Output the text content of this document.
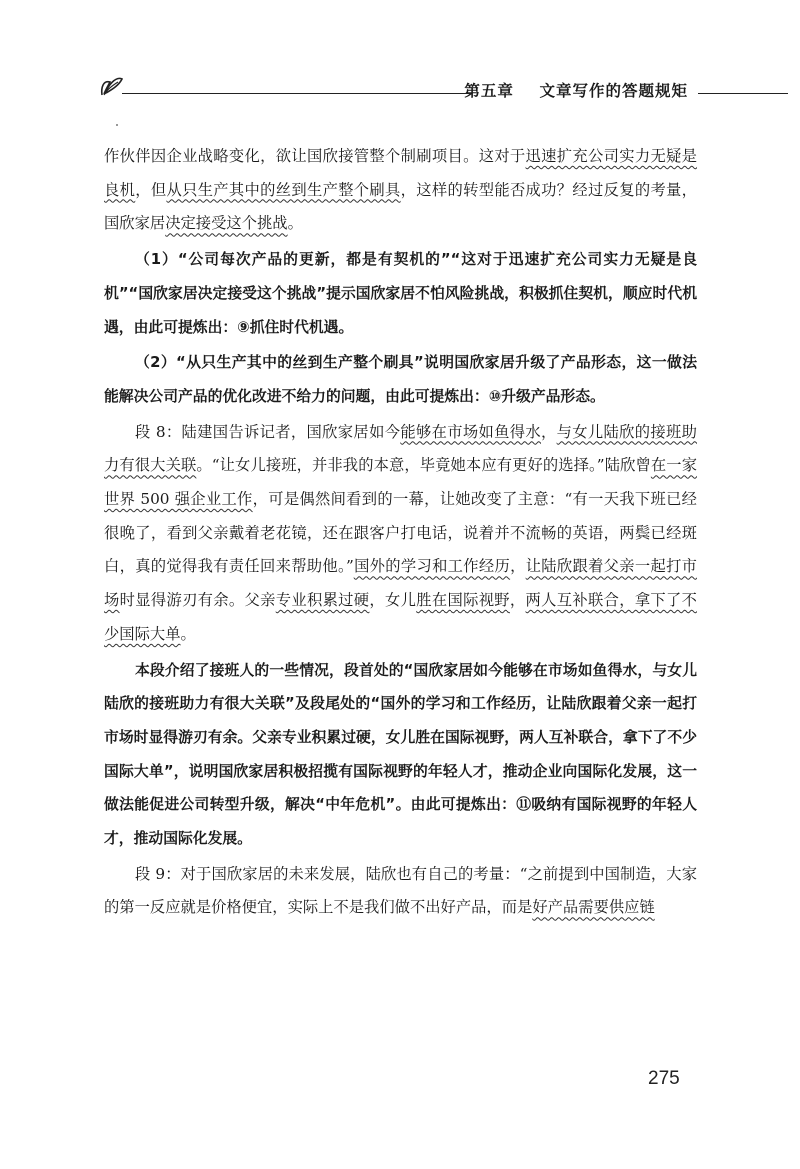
第五章 文章写作的答题规矩

作伙伴因企业战略变化，欲让国欣接管整个制刷项目。这对于迅速扩充公司实力无疑是良机，但从只生产其中的丝到生产整个刷具，这样的转型能否成功？经过反复的考量，国欣家居决定接受这个挑战。

（1）“公司每次产品的更新，都是有契机的”“这对于迅速扩充公司实力无疑是良机”“国欣家居决定接受这个挑战”提示国欣家居不怕风险挑战，积极抓住契机，顺应时代机遇，由此可提炼出：⑨抓住时代机遇。

（2）“从只生产其中的丝到生产整个刷具”说明国欣家居升级了产品形态，这一做法能解决公司产品的优化改进不给力的问题，由此可提炼出：⑩升级产品形态。

段 8：陆建国告诉记者，国欣家居如今能够在市场如鱼得水，与女儿陆欣的接班助力有很大关联。“让女儿接班，并非我的本意，毕竟她本应有更好的选择。”陆欣曾在一家世界 500 强企业工作，可是偶然间看到的一幕，让她改变了主意：“有一天我下班已经很晚了，看到父亲戴着老花镜，还在跟客户打电话，说着并不流畅的英语，两鬓已经斑白，真的觉得我有责任回来帮助他。”国外的学习和工作经历，让陆欣跟着父亲一起打市场时显得游刃有余。父亲专业积累过硬，女儿胜在国际视野，两人互补联合，拿下了不少国际大单。

本段介绍了接班人的一些情况，段首处的“国欣家居如今能够在市场如鱼得水，与女儿陆欣的接班助力有很大关联”及段尾处的“国外的学习和工作经历，让陆欣跟着父亲一起打市场时显得游刃有余。父亲专业积累过硬，女儿胜在国际视野，两人互补联合，拿下了不少国际大单”，说明国欣家居积极招揽有国际视野的年轻人才，推动企业向国际化发展，这一做法能促进公司转型升级，解决“中年危机”。由此可提炼出：⑪吸纳有国际视野的年轻人才，推动国际化发展。

段 9：对于国欣家居的未来发展，陆欣也有自己的考量：“之前提到中国制造，大家的第一反应就是价格便宜，实际上不是我们做不出好产品，而是好产品需要供应链

275
